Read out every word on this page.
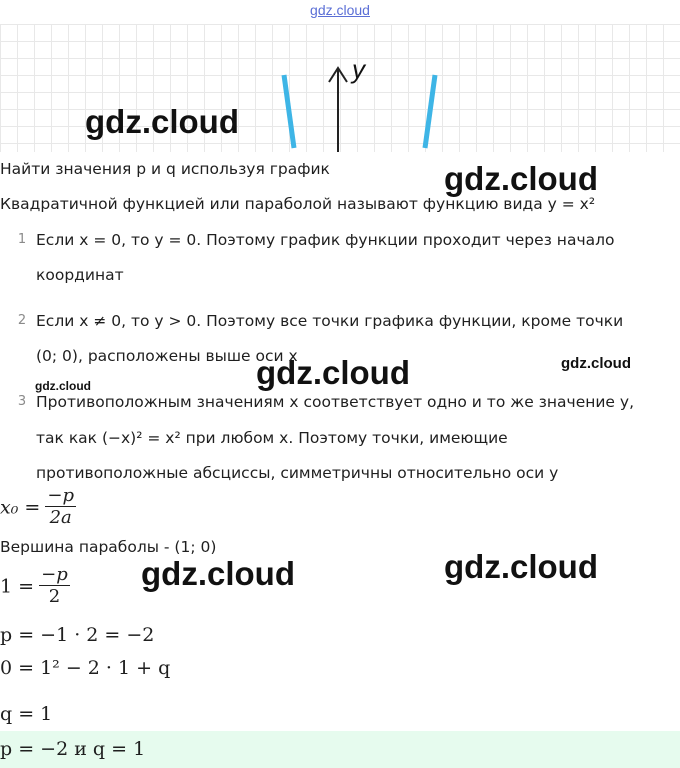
gdz.cloud
y
gdz.cloud
gdz.cloud
gdz.cloud	gdz.cloud
gdz.cloud
gdz.cloud	gdz.cloud
Найти значения p и q используя график
Квадратичной функцией или параболой называют функцию вида y = x²
1 Если x = 0, то y = 0. Поэтому график функции проходит через начало
координат
2 Если x ≠ 0, то y > 0. Поэтому все точки графика функции, кроме точки
(0; 0), расположены выше оси x
3 Противоположным значениям x соответствует одно и то же значение y,
так как (−x)² = x² при любом x. Поэтому точки, имеющие
противоположные абсциссы, симметричны относительно оси y
$x_0 = \frac{-p}{2a}$
Вершина параболы - (1; 0)
$1 = \frac{-p}{2}$
p = −1 · 2 = −2
0 = 1² − 2 · 1 + q
q = 1
p = −2 и q = 1
